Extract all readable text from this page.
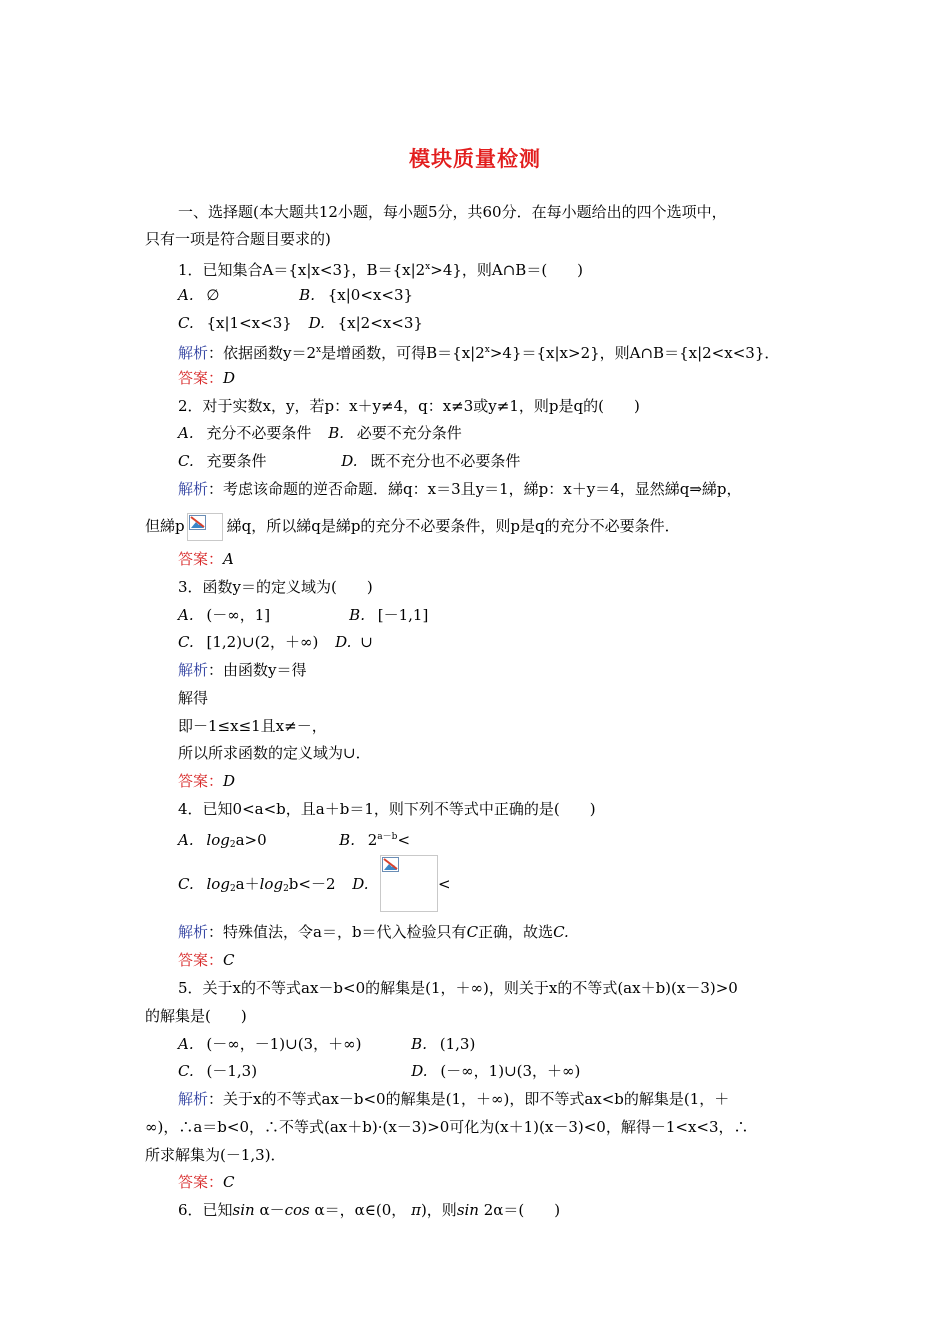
模块质量检测
一、选择题(本大题共12小题，每小题5分，共60分．在每小题给出的四个选项中，
只有一项是符合题目要求的)
1．已知集合A＝{x|x<3}，$B=\{x|2^x>4\}$，则A∩B＝(　　)
A. ∅	B. {x|0<x<3}
C. {x|1<x<3} D. {x|2<x<3}
解析：依据函数$y=2^x$是增函数，可得$B=\{x|2^x>4\}=\{x|x>2\}$，则A∩B＝{x|2<x<3}．
答案：D
2．对于实数x，y，若p：x＋y≠4，q：x≠3或y≠1，则p是q的(　　)
A. 充分不必要条件 B. 必要不充分条件
C. 充要条件	D. 既不充分也不必要条件
解析：考虑该命题的逆否命题．綈q：x＝3且y＝1，綈p：x＋y＝4，显然綈q⇒綈p，
但綈p	綈q，所以綈q是綈p的充分不必要条件，则p是q的充分不必要条件．
答案：A
3．函数y＝的定义域为(　　)
A. (－∞，1]	B. [－1,1]
C. [1,2)∪(2，＋∞) D. ∪
解析：由函数y＝得
解得
即－1≤x≤1且x≠－，
所以所求函数的定义域为∪．
答案：D
4．已知0<a<b，且a＋b＝1，则下列不等式中正确的是(　　)
A. $\log_2a>0$	B. $2^{a-b}<$
C. $\log_2a+\log_2b<-2$ D.	<
解析：特殊值法，令a＝，b＝代入检验只有C正确，故选C.
答案：C
5．关于x的不等式ax－b<0的解集是(1，＋∞)，则关于x的不等式(ax＋b)(x－3)>0
的解集是(　　)
A. (－∞，－1)∪(3，＋∞)	B. (1,3)
C. (－1,3)	D. (－∞，1)∪(3，＋∞)
解析：关于x的不等式ax－b<0的解集是(1，＋∞)，即不等式ax<b的解集是(1，＋
∞)，∴a＝b<0，∴不等式(ax＋b)·(x－3)>0可化为(x＋1)(x－3)<0，解得－1<x<3，∴
所求解集为(－1,3)．
答案：C
6．已知sin α－cos α＝，α∈(0， π)，则sin 2α＝(　　)
